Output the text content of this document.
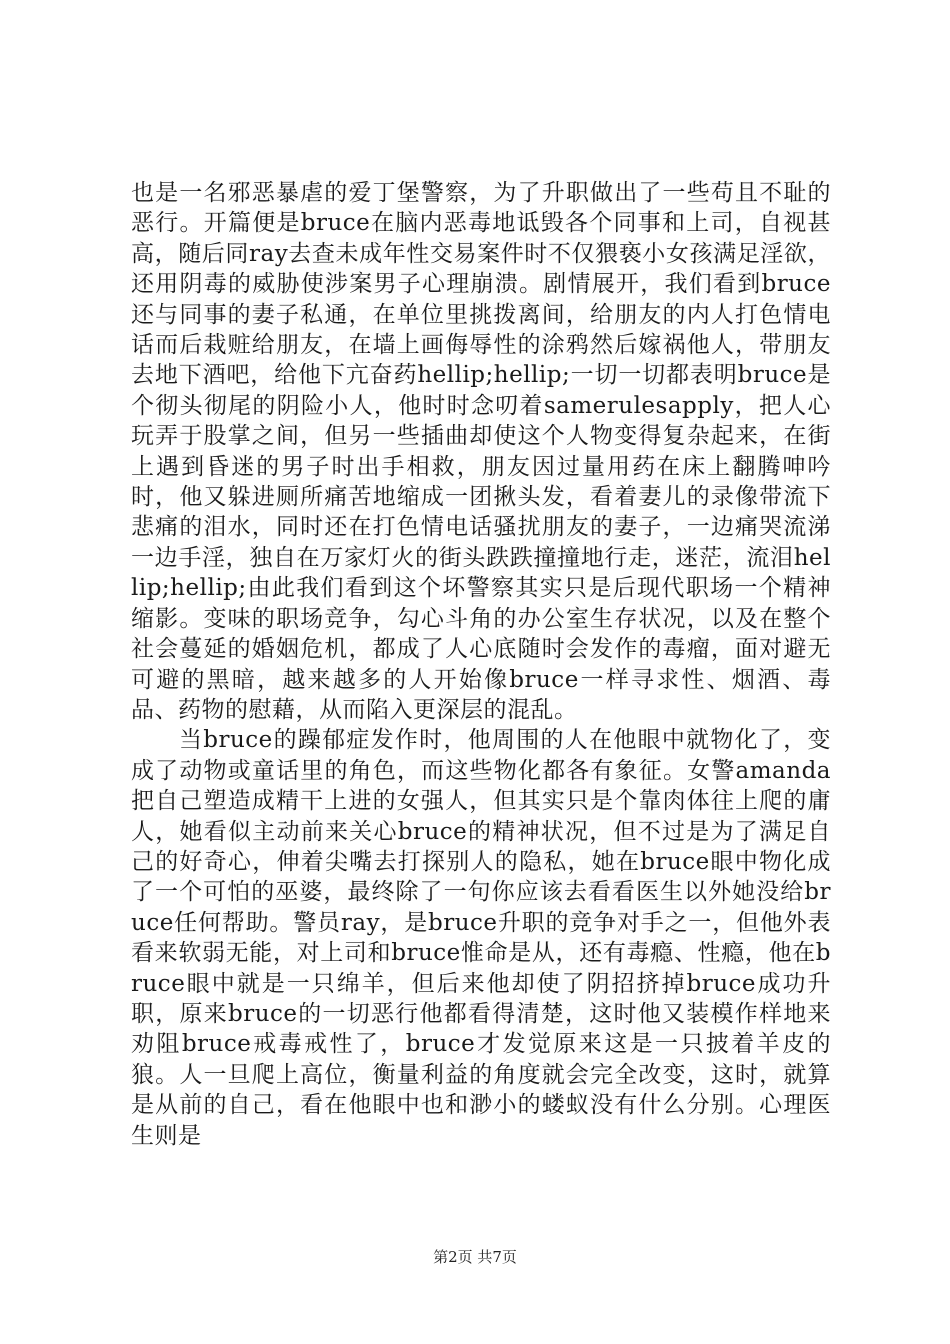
也是一名邪恶暴虐的爱丁堡警察，为了升职做出了一些苟且不耻的恶行。开篇便是bruce在脑内恶毒地诋毁各个同事和上司，自视甚高，随后同ray去查未成年性交易案件时不仅猥亵小女孩满足淫欲，还用阴毒的威胁使涉案男子心理崩溃。剧情展开，我们看到bruce还与同事的妻子私通，在单位里挑拨离间，给朋友的内人打色情电话而后栽赃给朋友，在墙上画侮辱性的涂鸦然后嫁祸他人，带朋友去地下酒吧，给他下亢奋药hellip;hellip;一切一切都表明bruce是个彻头彻尾的阴险小人，他时时念叨着samerulesapply，把人心玩弄于股掌之间，但另一些插曲却使这个人物变得复杂起来，在街上遇到昏迷的男子时出手相救，朋友因过量用药在床上翻腾呻吟时，他又躲进厕所痛苦地缩成一团揪头发，看着妻儿的录像带流下悲痛的泪水，同时还在打色情电话骚扰朋友的妻子，一边痛哭流涕一边手淫，独自在万家灯火的街头跌跌撞撞地行走，迷茫，流泪hellip;hellip;由此我们看到这个坏警察其实只是后现代职场一个精神缩影。变味的职场竞争，勾心斗角的办公室生存状况，以及在整个社会蔓延的婚姻危机，都成了人心底随时会发作的毒瘤，面对避无可避的黑暗，越来越多的人开始像bruce一样寻求性、烟酒、毒品、药物的慰藉，从而陷入更深层的混乱。

当bruce的躁郁症发作时，他周围的人在他眼中就物化了，变成了动物或童话里的角色，而这些物化都各有象征。女警amanda把自己塑造成精干上进的女强人，但其实只是个靠肉体往上爬的庸人，她看似主动前来关心bruce的精神状况，但不过是为了满足自己的好奇心，伸着尖嘴去打探别人的隐私，她在bruce眼中物化成了一个可怕的巫婆，最终除了一句你应该去看看医生以外她没给bruce任何帮助。警员ray，是bruce升职的竞争对手之一，但他外表看来软弱无能，对上司和bruce惟命是从，还有毒瘾、性瘾，他在bruce眼中就是一只绵羊，但后来他却使了阴招挤掉bruce成功升职，原来bruce的一切恶行他都看得清楚，这时他又装模作样地来劝阻bruce戒毒戒性了，bruce才发觉原来这是一只披着羊皮的狼。人一旦爬上高位，衡量利益的角度就会完全改变，这时，就算是从前的自己，看在他眼中也和渺小的蝼蚁没有什么分别。心理医生则是

第2页 共7页
